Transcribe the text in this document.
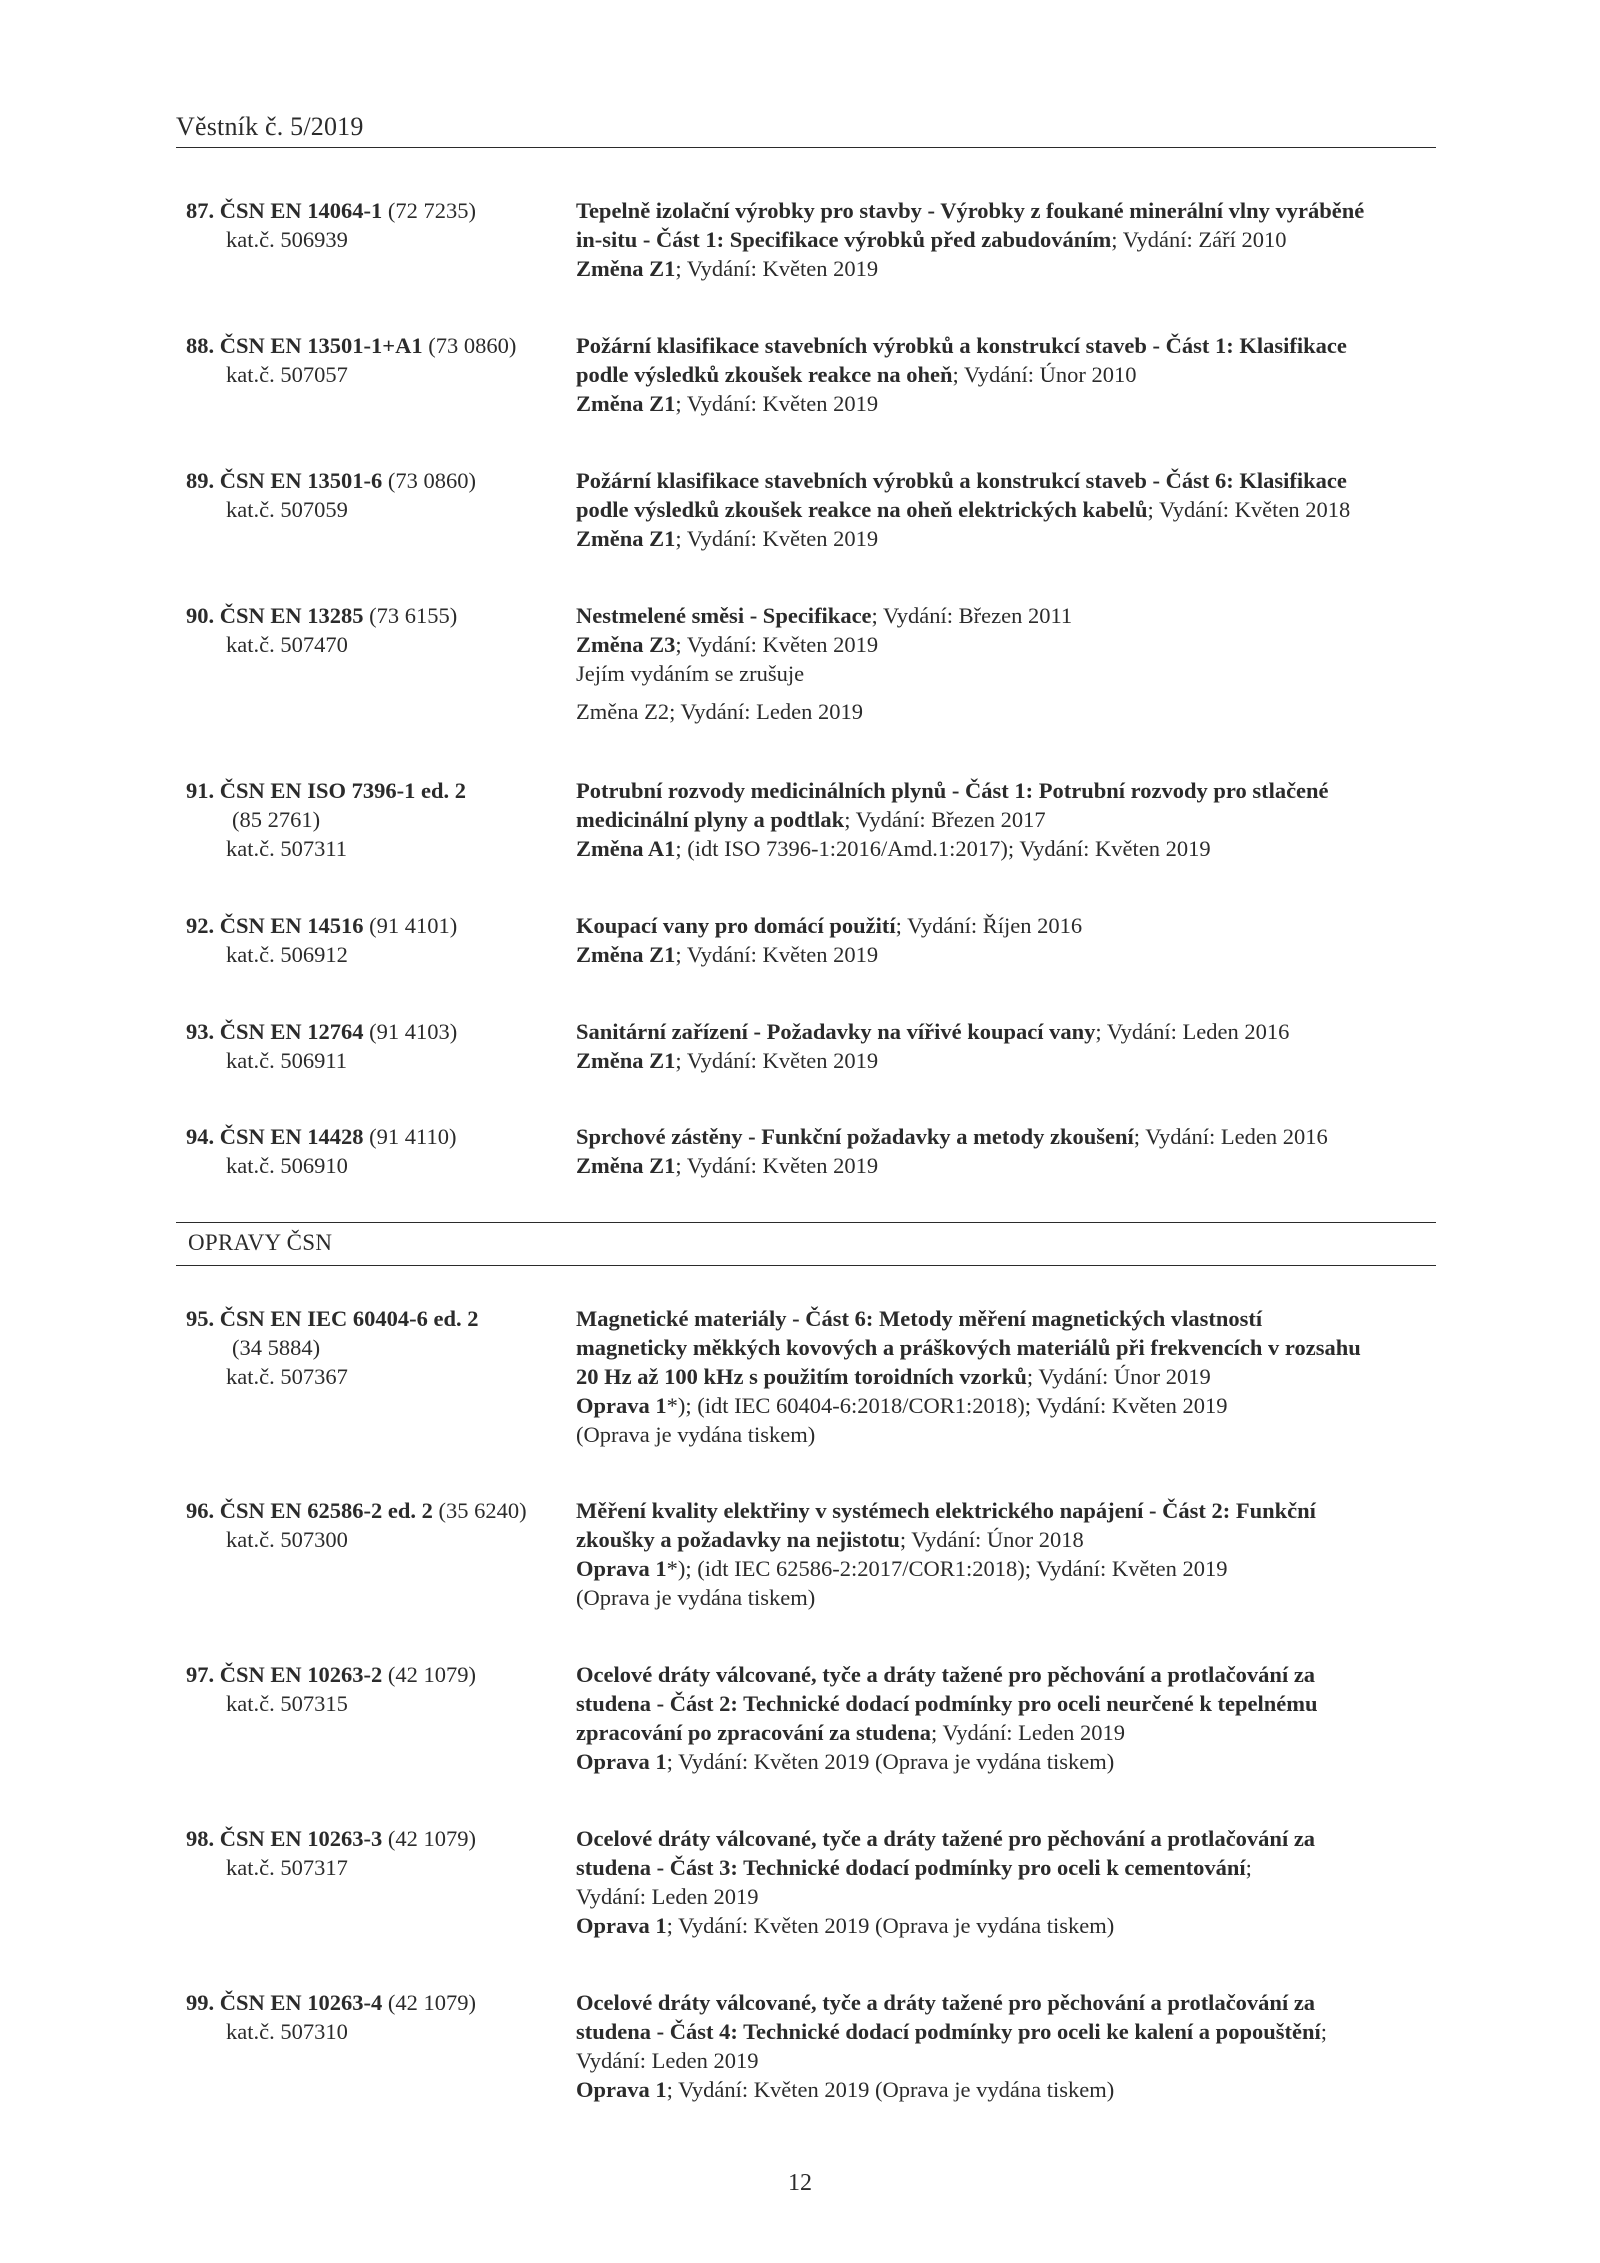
Věstník č. 5/2019
87. ČSN EN 14064-1 (72 7235)
kat.č. 506939
Tepelně izolační výrobky pro stavby - Výrobky z foukané minerální vlny vyráběné
in-situ - Část 1: Specifikace výrobků před zabudováním; Vydání: Září 2010
Změna Z1; Vydání: Květen 2019
88. ČSN EN 13501-1+A1 (73 0860)
kat.č. 507057
Požární klasifikace stavebních výrobků a konstrukcí staveb - Část 1: Klasifikace
podle výsledků zkoušek reakce na oheň; Vydání: Únor 2010
Změna Z1; Vydání: Květen 2019
89. ČSN EN 13501-6 (73 0860)
kat.č. 507059
Požární klasifikace stavebních výrobků a konstrukcí staveb - Část 6: Klasifikace
podle výsledků zkoušek reakce na oheň elektrických kabelů; Vydání: Květen 2018
Změna Z1; Vydání: Květen 2019
90. ČSN EN 13285 (73 6155)
kat.č. 507470
Nestmelené směsi - Specifikace; Vydání: Březen 2011
Změna Z3; Vydání: Květen 2019
Jejím vydáním se zrušuje
Změna Z2; Vydání: Leden 2019
91. ČSN EN ISO 7396-1 ed. 2
(85 2761)
kat.č. 507311
Potrubní rozvody medicinálních plynů - Část 1: Potrubní rozvody pro stlačené
medicinální plyny a podtlak; Vydání: Březen 2017
Změna A1; (idt ISO 7396-1:2016/Amd.1:2017); Vydání: Květen 2019
92. ČSN EN 14516 (91 4101)
kat.č. 506912
Koupací vany pro domácí použití; Vydání: Říjen 2016
Změna Z1; Vydání: Květen 2019
93. ČSN EN 12764 (91 4103)
kat.č. 506911
Sanitární zařízení - Požadavky na vířivé koupací vany; Vydání: Leden 2016
Změna Z1; Vydání: Květen 2019
94. ČSN EN 14428 (91 4110)
kat.č. 506910
Sprchové zástěny - Funkční požadavky a metody zkoušení; Vydání: Leden 2016
Změna Z1; Vydání: Květen 2019
OPRAVY ČSN
95. ČSN EN IEC 60404-6 ed. 2
(34 5884)
kat.č. 507367
Magnetické materiály - Část 6: Metody měření magnetických vlastností
magneticky měkkých kovových a práškových materiálů při frekvencích v rozsahu
20 Hz až 100 kHz s použitím toroidních vzorků; Vydání: Únor 2019
Oprava 1*); (idt IEC 60404-6:2018/COR1:2018); Vydání: Květen 2019
(Oprava je vydána tiskem)
96. ČSN EN 62586-2 ed. 2 (35 6240)
kat.č. 507300
Měření kvality elektřiny v systémech elektrického napájení - Část 2: Funkční
zkoušky a požadavky na nejistotu; Vydání: Únor 2018
Oprava 1*); (idt IEC 62586-2:2017/COR1:2018); Vydání: Květen 2019
(Oprava je vydána tiskem)
97. ČSN EN 10263-2 (42 1079)
kat.č. 507315
Ocelové dráty válcované, tyče a dráty tažené pro pěchování a protlačování za
studena - Část 2: Technické dodací podmínky pro oceli neurčené k tepelnému
zpracování po zpracování za studena; Vydání: Leden 2019
Oprava 1; Vydání: Květen 2019 (Oprava je vydána tiskem)
98. ČSN EN 10263-3 (42 1079)
kat.č. 507317
Ocelové dráty válcované, tyče a dráty tažené pro pěchování a protlačování za
studena - Část 3: Technické dodací podmínky pro oceli k cementování;
Vydání: Leden 2019
Oprava 1; Vydání: Květen 2019 (Oprava je vydána tiskem)
99. ČSN EN 10263-4 (42 1079)
kat.č. 507310
Ocelové dráty válcované, tyče a dráty tažené pro pěchování a protlačování za
studena - Část 4: Technické dodací podmínky pro oceli ke kalení a popouštění;
Vydání: Leden 2019
Oprava 1; Vydání: Květen 2019 (Oprava je vydána tiskem)
12
